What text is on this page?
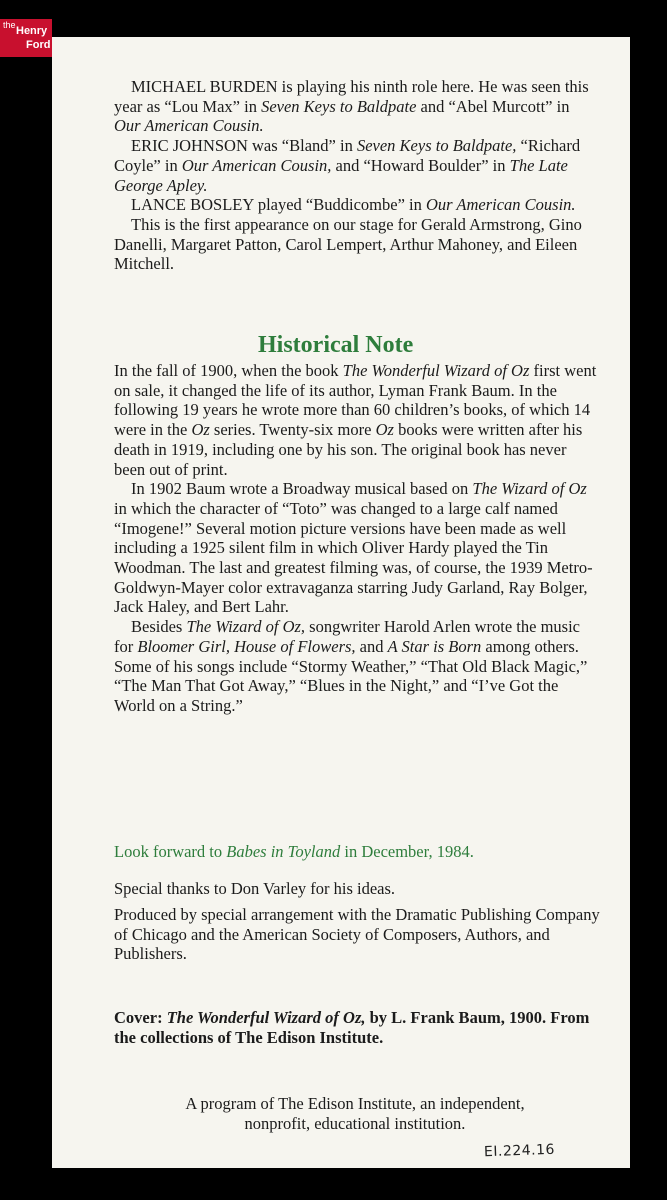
the Henry
Ford

MICHAEL BURDEN is playing his ninth role here. He was seen this year as “Lou Max” in Seven Keys to Baldpate and “Abel Murcott” in Our American Cousin.

ERIC JOHNSON was “Bland” in Seven Keys to Baldpate, “Richard Coyle” in Our American Cousin, and “Howard Boulder” in The Late George Apley.

LANCE BOSLEY played “Buddicombe” in Our American Cousin.

This is the first appearance on our stage for Gerald Armstrong, Gino Danelli, Margaret Patton, Carol Lempert, Arthur Mahoney, and Eileen Mitchell.

Historical Note

In the fall of 1900, when the book The Wonderful Wizard of Oz first went on sale, it changed the life of its author, Lyman Frank Baum. In the following 19 years he wrote more than 60 children’s books, of which 14 were in the Oz series. Twenty-six more Oz books were written after his death in 1919, including one by his son. The original book has never been out of print.

In 1902 Baum wrote a Broadway musical based on The Wizard of Oz in which the character of “Toto” was changed to a large calf named “Imogene!” Several motion picture versions have been made as well including a 1925 silent film in which Oliver Hardy played the Tin Woodman. The last and greatest filming was, of course, the 1939 Metro-Goldwyn-Mayer color extravaganza starring Judy Garland, Ray Bolger, Jack Haley, and Bert Lahr.

Besides The Wizard of Oz, songwriter Harold Arlen wrote the music for Bloomer Girl, House of Flowers, and A Star is Born among others. Some of his songs include “Stormy Weather,” “That Old Black Magic,” “The Man That Got Away,” “Blues in the Night,” and “I’ve Got the World on a String.”

Look forward to Babes in Toyland in December, 1984.

Special thanks to Don Varley for his ideas.

Produced by special arrangement with the Dramatic Publishing Company of Chicago and the American Society of Composers, Authors, and Publishers.

Cover: The Wonderful Wizard of Oz, by L. Frank Baum, 1900. From the collections of The Edison Institute.

A program of The Edison Institute, an independent,

nonprofit, educational institution.

EI.224.16
